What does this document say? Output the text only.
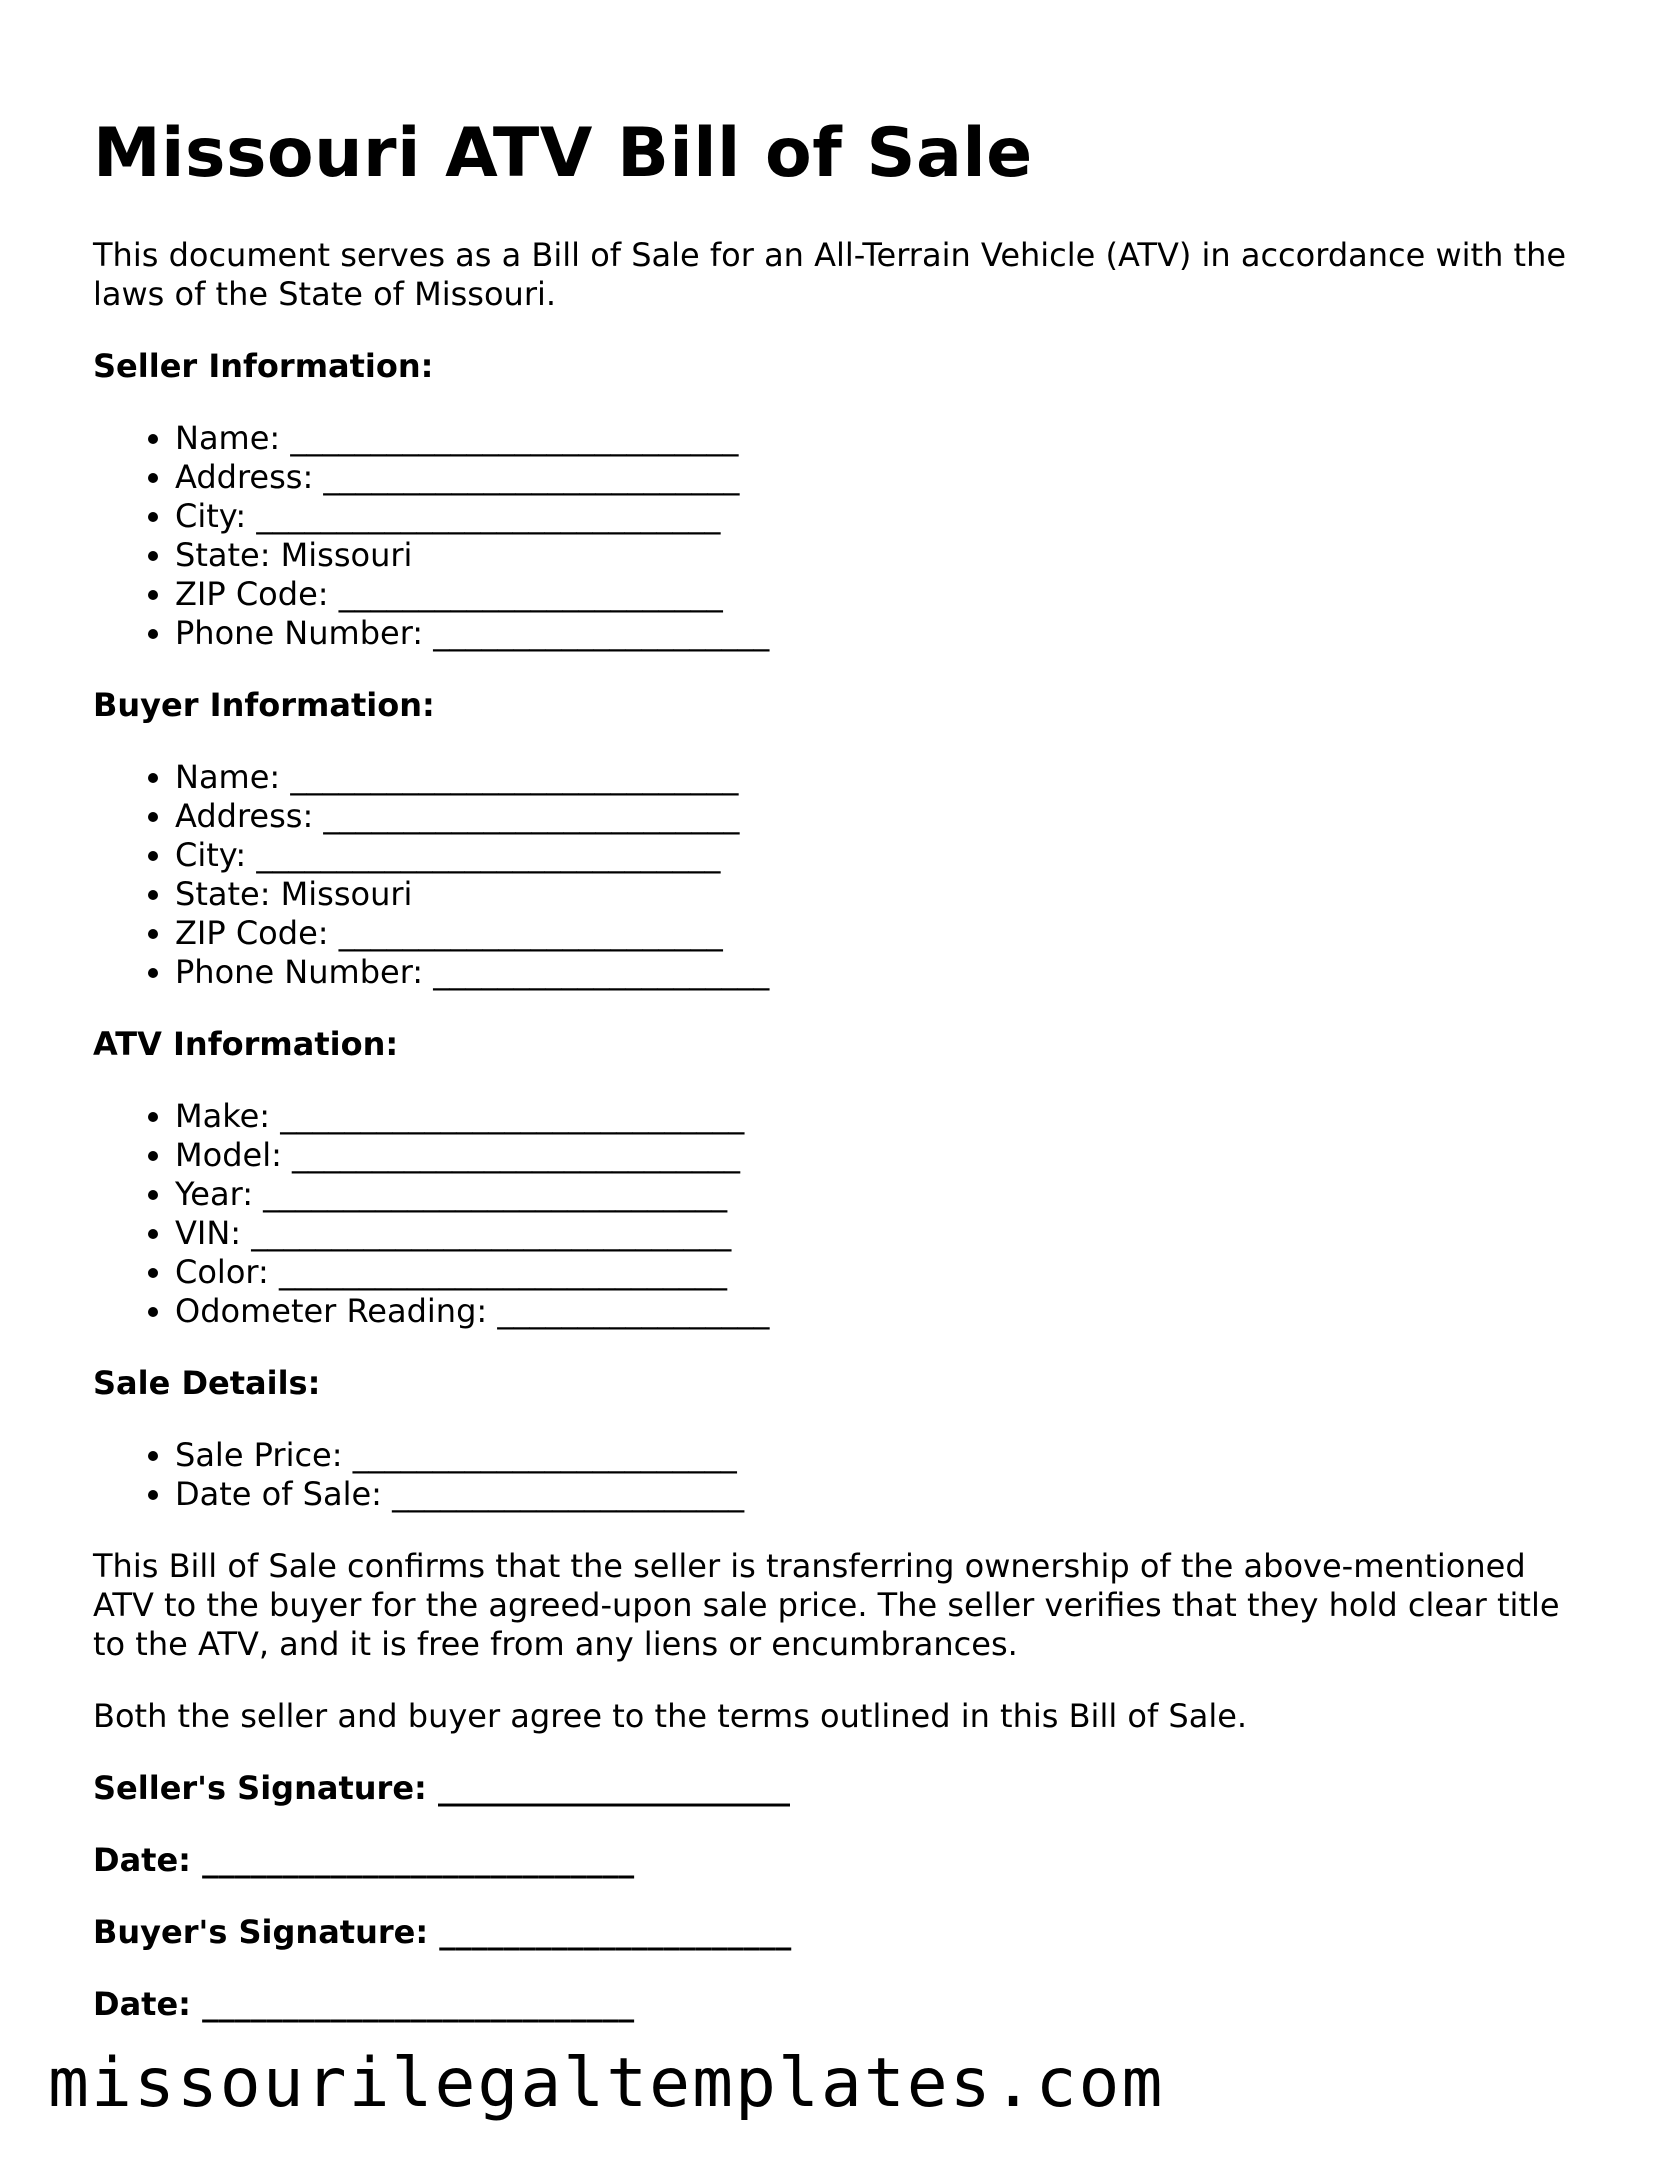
Missouri ATV Bill of Sale

This document serves as a Bill of Sale for an All-Terrain Vehicle (ATV) in accordance with the laws of the State of Missouri.

Seller Information:

• Name: ____________________________
• Address: __________________________
• City: _____________________________
• State: Missouri
• ZIP Code: ________________________
• Phone Number: _____________________

Buyer Information:

• Name: ____________________________
• Address: __________________________
• City: _____________________________
• State: Missouri
• ZIP Code: ________________________
• Phone Number: _____________________

ATV Information:

• Make: _____________________________
• Model: ____________________________
• Year: _____________________________
• VIN: ______________________________
• Color: ____________________________
• Odometer Reading: _________________

Sale Details:

• Sale Price: ________________________
• Date of Sale: ______________________

This Bill of Sale confirms that the seller is transferring ownership of the above-mentioned ATV to the buyer for the agreed-upon sale price. The seller verifies that they hold clear title to the ATV, and it is free from any liens or encumbrances.

Both the seller and buyer agree to the terms outlined in this Bill of Sale.

Seller's Signature: ______________________

Date: ___________________________

Buyer's Signature: ______________________

Date: ___________________________

missourilegaltemplates.com
